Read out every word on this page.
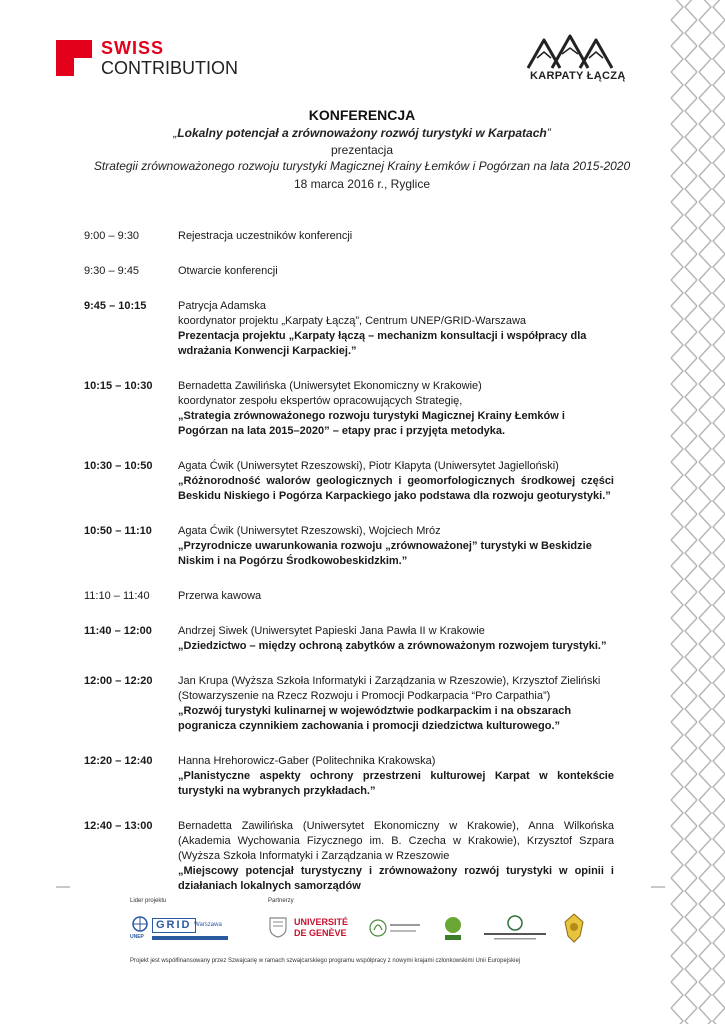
SWISS
CONTRIBUTION	KARPATY ŁĄCZĄ
KONFERENCJA
„Lokalny potencjał a zrównoważony rozwój turystyki w Karpatach”
prezentacja
Strategii zrównoważonego rozwoju turystyki Magicznej Krainy Łemków i Pogórzan na lata 2015-2020
18 marca 2016 r., Ryglice
9:00 – 9:30	Rejestracja uczestników konferencji
9:30 – 9:45	Otwarcie konferencji
9:45 – 10:15	Patrycja Adamska
koordynator projektu „Karpaty Łączą”, Centrum UNEP/GRID-Warszawa
Prezentacja projektu „Karpaty łączą – mechanizm konsultacji i współpracy dla wdrażania Konwencji Karpackiej.”
10:15 – 10:30	Bernadetta Zawilińska (Uniwersytet Ekonomiczny w Krakowie)
koordynator zespołu ekspertów opracowujących Strategię,
„Strategia zrównoważonego rozwoju turystyki Magicznej Krainy Łemków i Pogórzan na lata 2015–2020” – etapy prac i przyjęta metodyka.
10:30 – 10:50	Agata Ćwik (Uniwersytet Rzeszowski), Piotr Kłapyta (Uniwersytet Jagielloński)
„Różnorodność walorów geologicznych i geomorfologicznych środkowej części Beskidu Niskiego i Pogórza Karpackiego jako podstawa dla rozwoju geoturystyki.”
10:50 – 11:10	Agata Ćwik (Uniwersytet Rzeszowski), Wojciech Mróz
„Przyrodnicze uwarunkowania rozwoju „zrównoważonej” turystyki w Beskidzie Niskim i na Pogórzu Środkowobeskidzkim.”
11:10 – 11:40	Przerwa kawowa
11:40 – 12:00	Andrzej Siwek (Uniwersytet Papieski Jana Pawła II w Krakowie
„Dziedzictwo – między ochroną zabytków a zrównoważonym rozwojem turystyki.”
12:00 – 12:20	Jan Krupa (Wyższa Szkoła Informatyki i Zarządzania w Rzeszowie), Krzysztof Zieliński
(Stowarzyszenie na Rzecz Rozwoju i Promocji Podkarpacia “Pro Carpathia”)
„Rozwój turystyki kulinarnej w województwie podkarpackim i na obszarach pogranicza czynnikiem zachowania i promocji dziedzictwa kulturowego.”
12:20 – 12:40	Hanna Hrehorowicz-Gaber (Politechnika Krakowska)
„Planistyczne aspekty ochrony przestrzeni kulturowej Karpat w kontekście turystyki na wybranych przykładach.”
12:40 – 13:00	Bernadetta Zawilińska (Uniwersytet Ekonomiczny w Krakowie), Anna Wilkońska (Akademia Wychowania Fizycznego im. B. Czecha w Krakowie), Krzysztof Szpara (Wyższa Szkoła Informatyki i Zarządzania w Rzeszowie
„Miejscowy potencjał turystyczny i zrównoważony rozwój turystyki w opinii i działaniach lokalnych samorządów
Lider projektu	Partnerzy
UNEP
GRID Warszawa	UNIVERSITÉ
DE GENÈVE
Projekt jest współfinansowany przez Szwajcarię w ramach szwajcarskiego programu współpracy z nowymi krajami członkowskimi Unii Europejskiej
